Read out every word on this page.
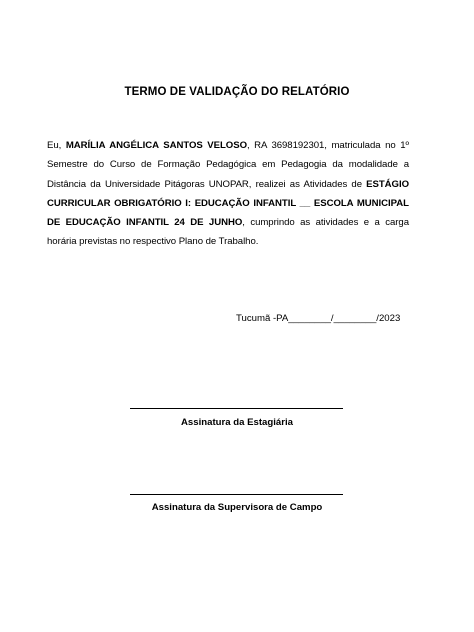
TERMO DE VALIDAÇÃO DO RELATÓRIO
Eu, MARÍLIA ANGÉLICA SANTOS VELOSO, RA 3698192301, matriculada no 1º Semestre do Curso de Formação Pedagógica em Pedagogia da modalidade a Distância da Universidade Pitágoras UNOPAR, realizei as Atividades de ESTÁGIO CURRICULAR OBRIGATÓRIO I: EDUCAÇÃO INFANTIL __ ESCOLA MUNICIPAL DE EDUCAÇÃO INFANTIL 24 DE JUNHO, cumprindo as atividades e a carga horária previstas no respectivo Plano de Trabalho.
Tucumã -PA________/________/2023
Assinatura da Estagiária
Assinatura da Supervisora de Campo
